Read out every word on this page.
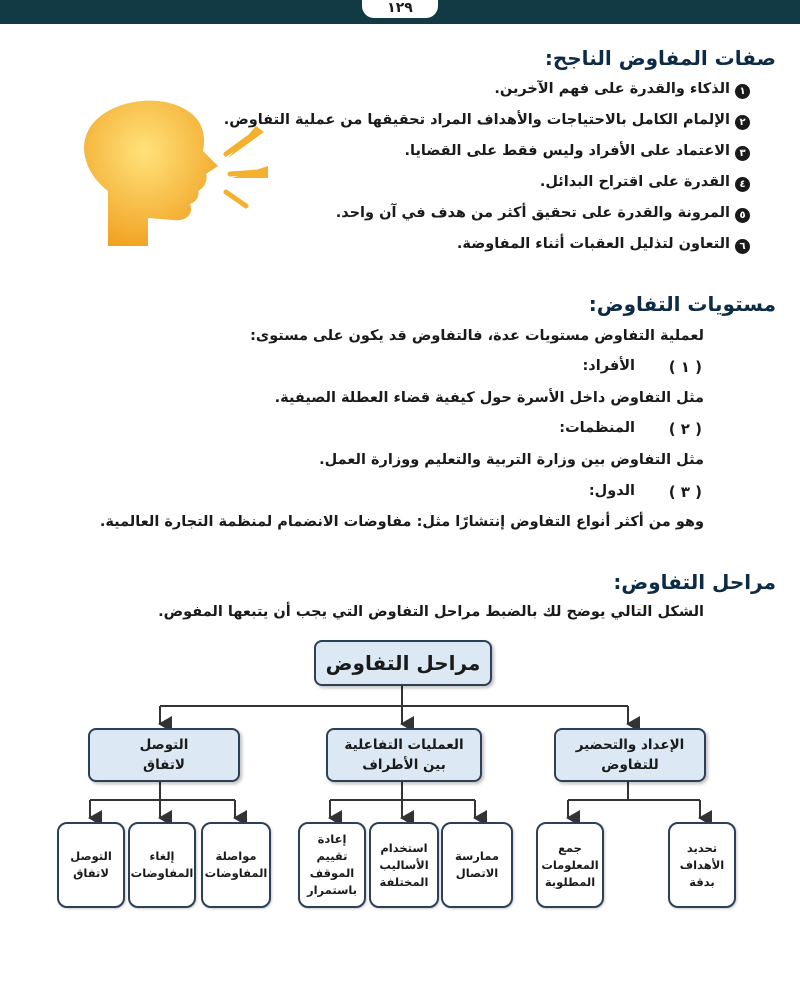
١٢٩
صفات المفاوض الناجح:
١
الذكاء والقدرة على فهم الآخرين.
٢
الإلمام الكامل بالاحتياجات والأهداف المراد تحقيقها من عملية التفاوض.
٣
الاعتماد على الأفراد وليس فقط على القضايا.
٤
القدرة على اقتراح البدائل.
٥
المرونة والقدرة على تحقيق أكثر من هدف في آن واحد.
٦
التعاون لتذليل العقبات أثناء المفاوضة.
مستويات التفاوض:
لعملية التفاوض مستويات عدة، فالتفاوض قد يكون على مستوى:
( ١ )
الأفراد:
مثل التفاوض داخل الأسرة حول كيفية قضاء العطلة الصيفية.
( ٢ )
المنظمات:
مثل التفاوض بين وزارة التربية والتعليم ووزارة العمل.
( ٣ )
الدول:
وهو من أكثر أنواع التفاوض إنتشارًا مثل: مفاوضات الانضمام لمنظمة التجارة العالمية.
مراحل التفاوض:
الشكل التالي يوضح لك بالضبط مراحل التفاوض التي يجب أن يتبعها المفوض.
مراحل التفاوض
التوصل
لاتفاق
العمليات التفاعلية
بين الأطراف
الإعداد والتحضير
للتفاوض
التوصل
لاتفاق
إلغاء
المفاوضات
مواصلة
المفاوضات
إعادة
تقييم
الموقف
باستمرار
استخدام
الأساليب
المختلفة
ممارسة
الاتصال
جمع
المعلومات
المطلوبة
تحديد
الأهداف
بدقة
